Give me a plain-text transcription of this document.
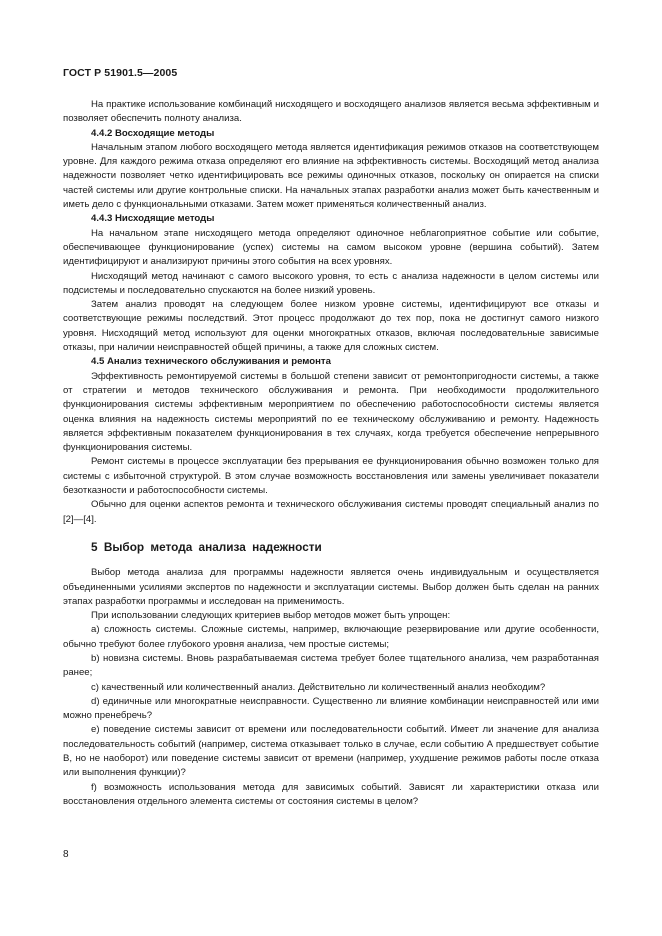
ГОСТ Р 51901.5—2005

На практике использование комбинаций нисходящего и восходящего анализов является весьма эффективным и позволяет обеспечить полноту анализа.

4.4.2 Восходящие методы

Начальным этапом любого восходящего метода является идентификация режимов отказов на соответствующем уровне. Для каждого режима отказа определяют его влияние на эффективность системы. Восходящий метод анализа надежности позволяет четко идентифицировать все режимы одиночных отказов, поскольку он опирается на списки частей системы или другие контрольные списки. На начальных этапах разработки анализ может быть качественным и иметь дело с функциональными отказами. Затем может применяться количественный анализ.

4.4.3 Нисходящие методы

На начальном этапе нисходящего метода определяют одиночное неблагоприятное событие или событие, обеспечивающее функционирование (успех) системы на самом высоком уровне (вершина событий). Затем идентифицируют и анализируют причины этого события на всех уровнях.

Нисходящий метод начинают с самого высокого уровня, то есть с анализа надежности в целом системы или подсистемы и последовательно спускаются на более низкий уровень.

Затем анализ проводят на следующем более низком уровне системы, идентифицируют все отказы и соответствующие режимы последствий. Этот процесс продолжают до тех пор, пока не достигнут самого низкого уровня. Нисходящий метод используют для оценки многократных отказов, включая последовательные зависимые отказы, при наличии неисправностей общей причины, а также для сложных систем.

4.5 Анализ технического обслуживания и ремонта

Эффективность ремонтируемой системы в большой степени зависит от ремонтопригодности системы, а также от стратегии и методов технического обслуживания и ремонта. При необходимости продолжительного функционирования системы эффективным мероприятием по обеспечению работоспособности системы является оценка влияния на надежность системы мероприятий по ее техническому обслуживанию и ремонту. Надежность является эффективным показателем функционирования в тех случаях, когда требуется обеспечение непрерывного функционирования системы.

Ремонт системы в процессе эксплуатации без прерывания ее функционирования обычно возможен только для системы с избыточной структурой. В этом случае возможность восстановления или замены увеличивает показатели безотказности и работоспособности системы.

Обычно для оценки аспектов ремонта и технического обслуживания системы проводят специальный анализ по [2]—[4].

5 Выбор метода анализа надежности

Выбор метода анализа для программы надежности является очень индивидуальным и осуществляется объединенными усилиями экспертов по надежности и эксплуатации системы. Выбор должен быть сделан на ранних этапах разработки программы и исследован на применимость.

При использовании следующих критериев выбор методов может быть упрощен:

a) сложность системы. Сложные системы, например, включающие резервирование или другие особенности, обычно требуют более глубокого уровня анализа, чем простые системы;

b) новизна системы. Вновь разрабатываемая система требует более тщательного анализа, чем разработанная ранее;

c) качественный или количественный анализ. Действительно ли количественный анализ необходим?

d) единичные или многократные неисправности. Существенно ли влияние комбинации неисправностей или ими можно пренебречь?

e) поведение системы зависит от времени или последовательности событий. Имеет ли значение для анализа последовательность событий (например, система отказывает только в случае, если событию А предшествует событие В, но не наоборот) или поведение системы зависит от времени (например, ухудшение режимов работы после отказа или выполнения функции)?

f) возможность использования метода для зависимых событий. Зависят ли характеристики отказа или восстановления отдельного элемента системы от состояния системы в целом?

8
